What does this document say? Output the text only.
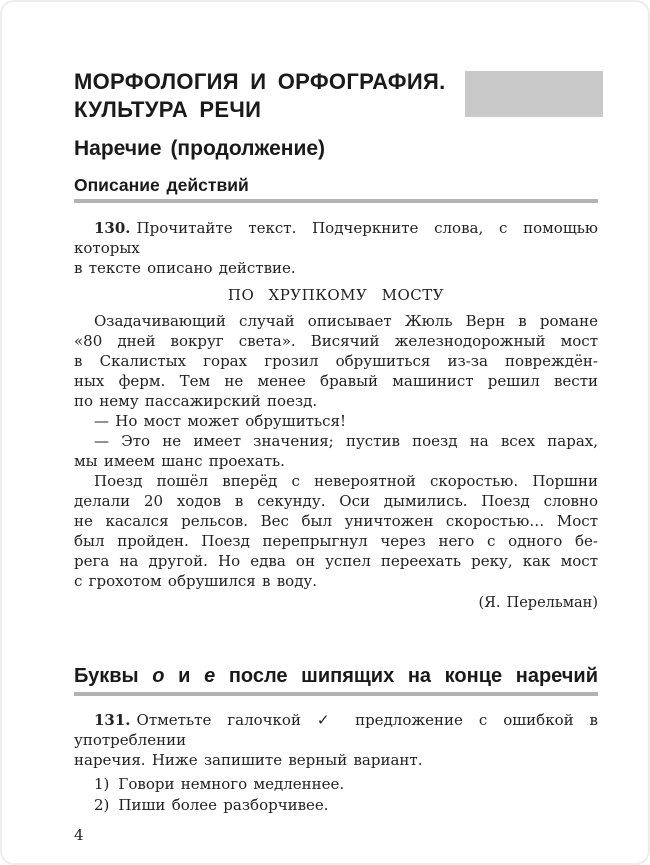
МОРФОЛОГИЯ И ОРФОГРАФИЯ.
КУЛЬТУРА РЕЧИ
Наречие (продолжение)
Описание действий
130. Прочитайте текст. Подчеркните слова, с помощью которых
в тексте описано действие.
ПО ХРУПКОМУ МОСТУ
Озадачивающий случай описывает Жюль Верн в романе
«80 дней вокруг света». Висячий железнодорожный мост
в Скалистых горах грозил обрушиться из-за повреждён-
ных ферм. Тем не менее бравый машинист решил вести
по нему пассажирский поезд.
— Но мост может обрушиться!
— Это не имеет значения; пустив поезд на всех парах,
мы имеем шанс проехать.
Поезд пошёл вперёд с невероятной скоростью. Поршни
делали 20 ходов в секунду. Оси дымились. Поезд словно
не касался рельсов. Вес был уничтожен скоростью… Мост
был пройден. Поезд перепрыгнул через него с одного бе-
рега на другой. Но едва он успел переехать реку, как мост
с грохотом обрушился в воду.
(Я. Перельман)
Буквы о и е после шипящих на конце наречий
131. Отметьте галочкой ✓ предложение с ошибкой в употреблении
наречия. Ниже запишите верный вариант.
1) Говори немного медленнее.
2) Пиши более разборчивее.
4
